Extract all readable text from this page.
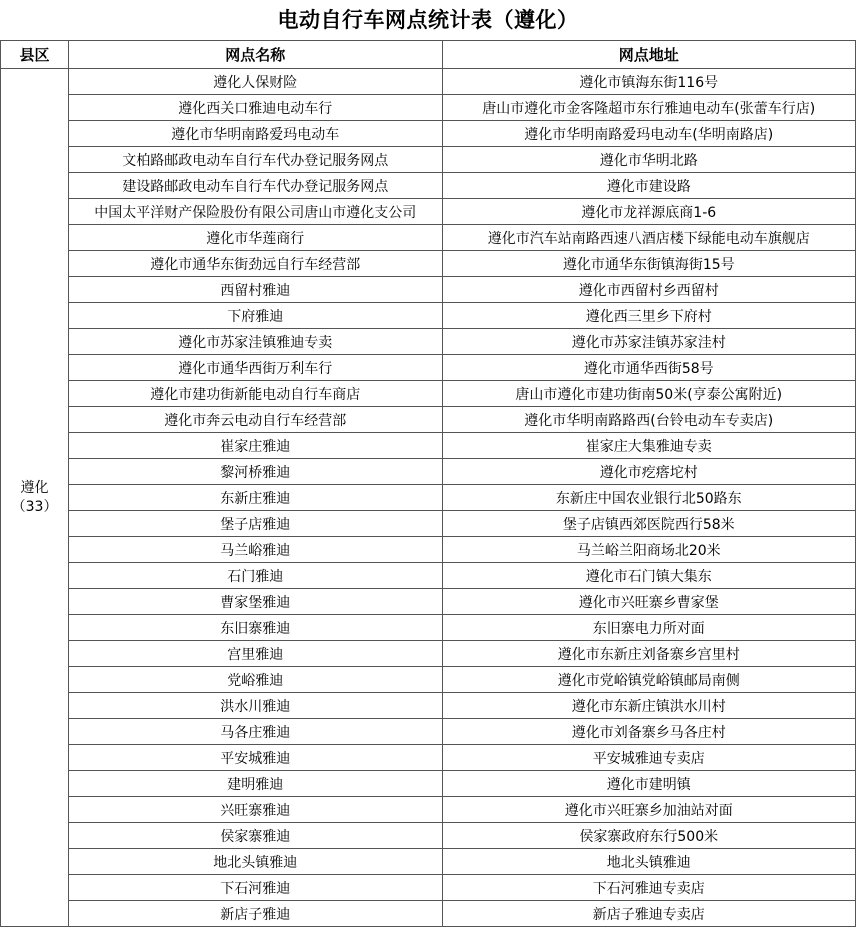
电动自行车网点统计表（遵化）
县区	网点名称	网点地址

遵化
（33）	遵化人保财险	遵化市镇海东街116号
	遵化西关口雅迪电动车行	唐山市遵化市金客隆超市东行雅迪电动车(张蕾车行店)
	遵化市华明南路爱玛电动车	遵化市华明南路爱玛电动车(华明南路店)
	文柏路邮政电动车自行车代办登记服务网点	遵化市华明北路
	建设路邮政电动车自行车代办登记服务网点	遵化市建设路
	中国太平洋财产保险股份有限公司唐山市遵化支公司	遵化市龙祥源底商1-6
	遵化市华莲商行	遵化市汽车站南路西速八酒店楼下绿能电动车旗舰店
	遵化市通华东街劲远自行车经营部	遵化市通华东街镇海街15号
	西留村雅迪	遵化市西留村乡西留村
	下府雅迪	遵化西三里乡下府村
	遵化市苏家洼镇雅迪专卖	遵化市苏家洼镇苏家洼村
	遵化市通华西街万利车行	遵化市通华西街58号
	遵化市建功街新能电动自行车商店	唐山市遵化市建功街南50米(亨泰公寓附近)
	遵化市奔云电动自行车经营部	遵化市华明南路路西(台铃电动车专卖店)
	崔家庄雅迪	崔家庄大集雅迪专卖
	黎河桥雅迪	遵化市疙瘩坨村
	东新庄雅迪	东新庄中国农业银行北50路东
	堡子店雅迪	堡子店镇西郊医院西行58米
	马兰峪雅迪	马兰峪兰阳商场北20米
	石门雅迪	遵化市石门镇大集东
	曹家堡雅迪	遵化市兴旺寨乡曹家堡
	东旧寨雅迪	东旧寨电力所对面
	宫里雅迪	遵化市东新庄刘备寨乡宫里村
	党峪雅迪	遵化市党峪镇党峪镇邮局南侧
	洪水川雅迪	遵化市东新庄镇洪水川村
	马各庄雅迪	遵化市刘备寨乡马各庄村
	平安城雅迪	平安城雅迪专卖店
	建明雅迪	遵化市建明镇
	兴旺寨雅迪	遵化市兴旺寨乡加油站对面
	侯家寨雅迪	侯家寨政府东行500米
	地北头镇雅迪	地北头镇雅迪
	下石河雅迪	下石河雅迪专卖店
	新店子雅迪	新店子雅迪专卖店
